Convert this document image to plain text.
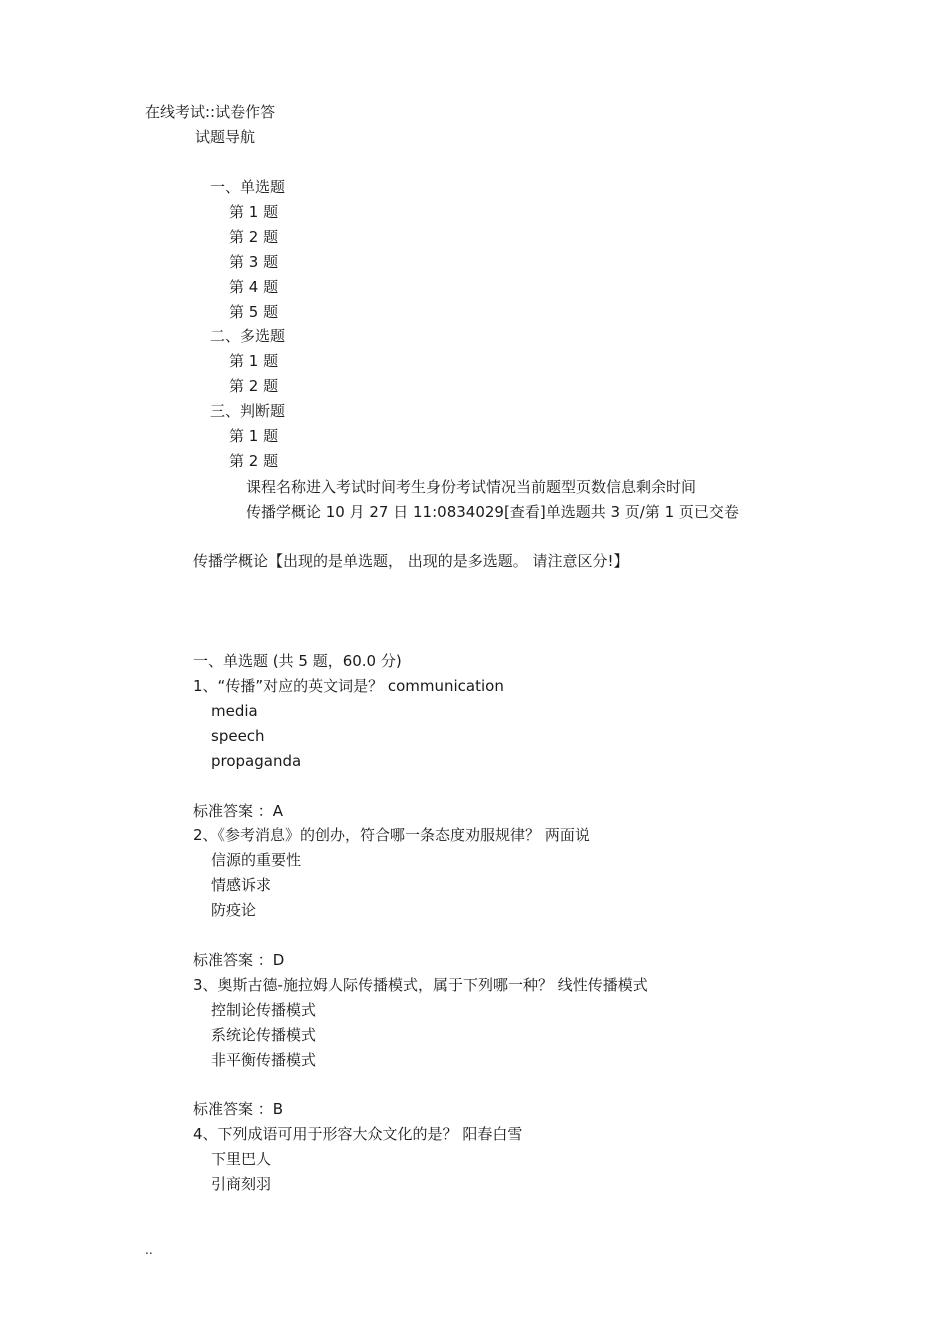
在线考试::试卷作答
试题导航
一、单选题
第 1 题
第 2 题
第 3 题
第 4 题
第 5 题
二、多选题
第 1 题
第 2 题
三、判断题
第 1 题
第 2 题
课程名称进入考试时间考生身份考试情况当前题型页数信息剩余时间
传播学概论 10 月 27 日 11:0834029[查看]单选题共 3 页/第 1 页已交卷
传播学概论【出现的是单选题， 出现的是多选题。 请注意区分!】
一、单选题 (共 5 题，60.0 分)
1、“传播”对应的英文词是？ communication
media
speech
propaganda
标准答案 ：A
2、《参考消息》的创办，符合哪一条态度劝服规律？ 两面说
信源的重要性
情感诉求
防疫论
标准答案 ：D
3、奥斯古德-施拉姆人际传播模式，属于下列哪一种？ 线性传播模式
控制论传播模式
系统论传播模式
非平衡传播模式
标准答案 ：B
4、下列成语可用于形容大众文化的是？ 阳春白雪
下里巴人
引商刻羽
..
